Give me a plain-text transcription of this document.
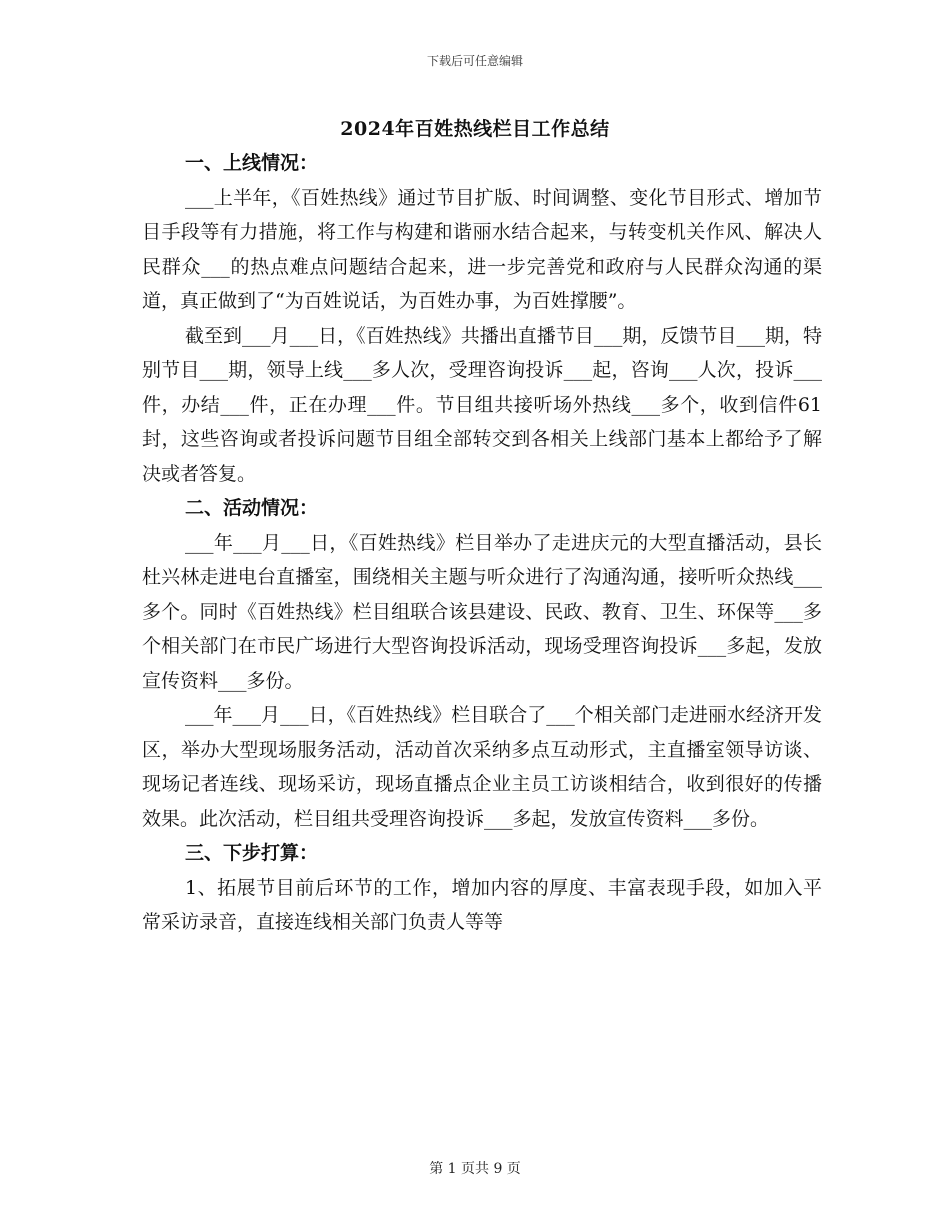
下载后可任意编辑
2024年百姓热线栏目工作总结

一、上线情况：

___上半年，《百姓热线》通过节目扩版、时间调整、变化节目形式、增加节目手段等有力措施，将工作与构建和谐丽水结合起来，与转变机关作风、解决人民群众___的热点难点问题结合起来，进一步完善党和政府与人民群众沟通的渠道，真正做到了“为百姓说话，为百姓办事，为百姓撑腰”。

截至到___月___日，《百姓热线》共播出直播节目___期，反馈节目___期，特别节目___期，领导上线___多人次，受理咨询投诉___起，咨询___人次，投诉___件，办结___件，正在办理___件。节目组共接听场外热线___多个，收到信件61封，这些咨询或者投诉问题节目组全部转交到各相关上线部门基本上都给予了解决或者答复。

二、活动情况：

___年___月___日，《百姓热线》栏目举办了走进庆元的大型直播活动，县长杜兴林走进电台直播室，围绕相关主题与听众进行了沟通沟通，接听听众热线___多个。同时《百姓热线》栏目组联合该县建设、民政、教育、卫生、环保等___多个相关部门在市民广场进行大型咨询投诉活动，现场受理咨询投诉___多起，发放宣传资料___多份。

___年___月___日，《百姓热线》栏目联合了___个相关部门走进丽水经济开发区，举办大型现场服务活动，活动首次采纳多点互动形式，主直播室领导访谈、现场记者连线、现场采访，现场直播点企业主员工访谈相结合，收到很好的传播效果。此次活动，栏目组共受理咨询投诉___多起，发放宣传资料___多份。

三、下步打算：

1、拓展节目前后环节的工作，增加内容的厚度、丰富表现手段，如加入平常采访录音，直接连线相关部门负责人等等

第 1 页共 9 页
